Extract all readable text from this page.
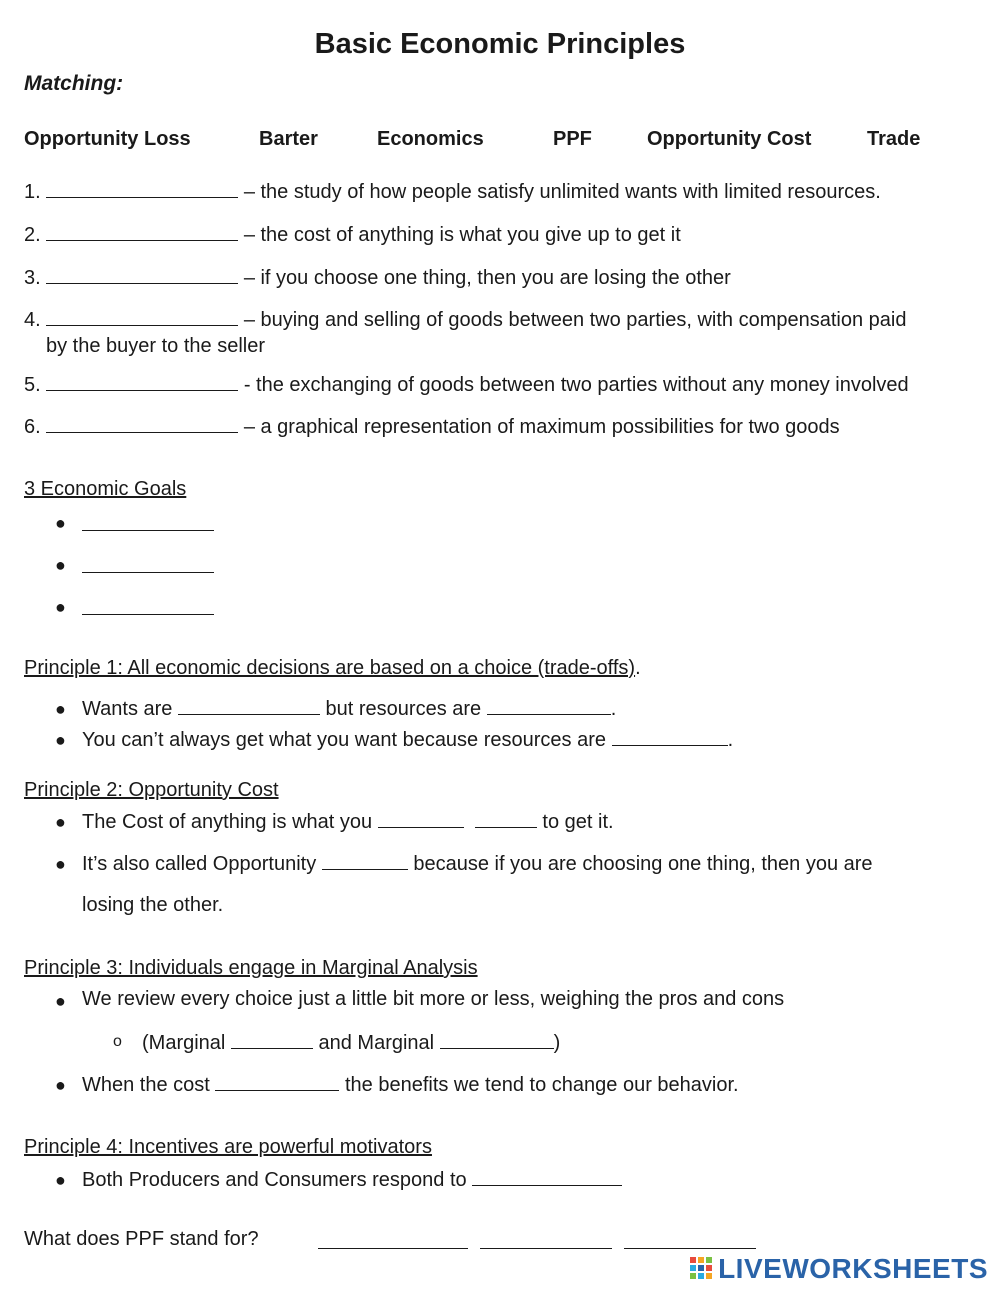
Basic Economic Principles
Matching:
Opportunity Loss	Barter	Economics	PPF	Opportunity Cost	Trade
1.	– the study of how people satisfy unlimited wants with limited resources.
2.	– the cost of anything is what you give up to get it
3.	– if you choose one thing, then you are losing the other
4.	– buying and selling of goods between two parties, with compensation paid
by the buyer to the seller
5.	- the exchanging of goods between two parties without any money involved
6.	– a graphical representation of maximum possibilities for two goods
3 Economic Goals
●
●
●
Principle 1: All economic decisions are based on a choice (trade-offs).
● Wants are	but resources are	.
● You can’t always get what you want because resources are	.
Principle 2: Opportunity Cost
● The Cost of anything is what you	to get it.
● It’s also called Opportunity	because if you are choosing one thing, then you are
losing the other.
Principle 3: Individuals engage in Marginal Analysis
● We review every choice just a little bit more or less, weighing the pros and cons
o (Marginal	and Marginal	)
● When the cost	the benefits we tend to change our behavior.
Principle 4: Incentives are powerful motivators
● Both Producers and Consumers respond to
What does PPF stand for?
LIVEWORKSHEETS
